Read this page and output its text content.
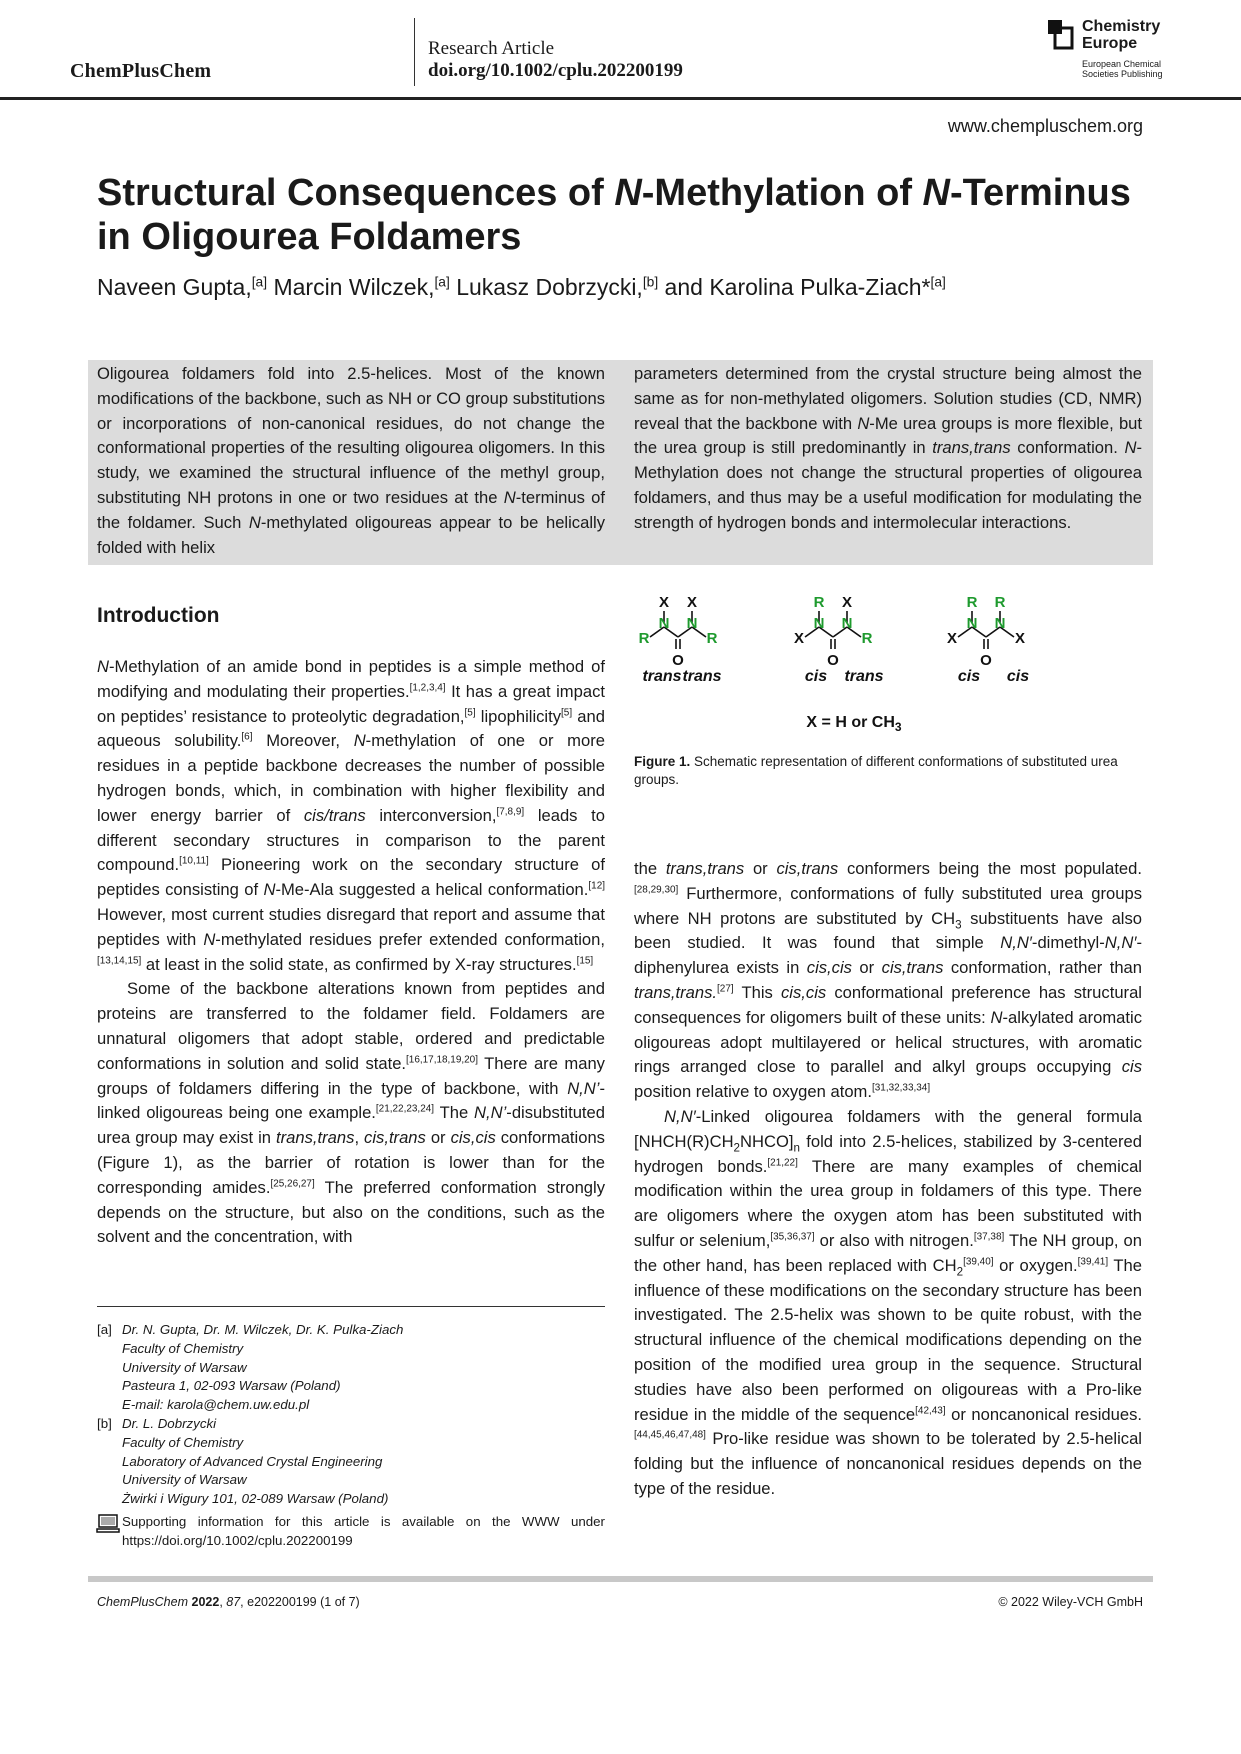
ChemPlusChem
Research Article
doi.org/10.1002/cplu.202200199
Chemistry
Europe
European Chemical
Societies Publishing
www.chempluschem.org
Structural Consequences of N-Methylation of N-Terminus in Oligourea Foldamers
Naveen Gupta,[a] Marcin Wilczek,[a] Lukasz Dobrzycki,[b] and Karolina Pulka-Ziach*[a]
Oligourea foldamers fold into 2.5-helices. Most of the known modifications of the backbone, such as NH or CO group substitutions or incorporations of non-canonical residues, do not change the conformational properties of the resulting oligourea oligomers. In this study, we examined the structural influence of the methyl group, substituting NH protons in one or two residues at the N-terminus of the foldamer. Such N-methylated oligoureas appear to be helically folded with helix
parameters determined from the crystal structure being almost the same as for non-methylated oligomers. Solution studies (CD, NMR) reveal that the backbone with N-Me urea groups is more flexible, but the urea group is still predominantly in trans,trans conformation. N-Methylation does not change the structural properties of oligourea foldamers, and thus may be a useful modification for modulating the strength of hydrogen bonds and intermolecular interactions.
Introduction

N-Methylation of an amide bond in peptides is a simple method of modifying and modulating their properties.[1,2,3,4] It has a great impact on peptides’ resistance to proteolytic degradation,[5] lipophilicity[5] and aqueous solubility.[6] Moreover, N-methylation of one or more residues in a peptide backbone decreases the number of possible hydrogen bonds, which, in combination with higher flexibility and lower energy barrier of cis/trans interconversion,[7,8,9] leads to different secondary structures in comparison to the parent compound.[10,11] Pioneering work on the secondary structure of peptides consisting of N-Me-Ala suggested a helical conformation.[12] However, most current studies disregard that report and assume that peptides with N-methylated residues prefer extended conformation,[13,14,15] at least in the solid state, as confirmed by X-ray structures.[15]

Some of the backbone alterations known from peptides and proteins are transferred to the foldamer field. Foldamers are unnatural oligomers that adopt stable, ordered and predictable conformations in solution and solid state.[16,17,18,19,20] There are many groups of foldamers differing in the type of backbone, with N,N’-linked oligoureas being one example.[21,22,23,24] The N,N’-disubstituted urea group may exist in trans,trans, cis,trans or cis,cis conformations (Figure 1), as the barrier of rotation is lower than for the corresponding amides.[25,26,27] The preferred conformation strongly depends on the structure, but also on the conditions, such as the solvent and the concentration, with

X X
N N
R	R
O
R X
N N
X	R
O
R R
N N
X	X
O
trans trans	cis trans	cis cis
X = H or $CH_3$
Figure 1. Schematic representation of different conformations of substituted urea groups.

the trans,trans or cis,trans conformers being the most populated.[28,29,30] Furthermore, conformations of fully substituted urea groups where NH protons are substituted by $CH_3$ substituents have also been studied. It was found that simple N,N′-dimethyl-N,N′-diphenylurea exists in cis,cis or cis,trans conformation, rather than trans,trans.[27] This cis,cis conformational preference has structural consequences for oligomers built of these units: N-alkylated aromatic oligoureas adopt multilayered or helical structures, with aromatic rings arranged close to parallel and alkyl groups occupying cis position relative to oxygen atom.[31,32,33,34]

N,N′-Linked oligourea foldamers with the general formula $[NHCH(R)CH_2NHCO]_n$ fold into 2.5-helices, stabilized by 3-centered hydrogen bonds.[21,22] There are many examples of chemical modification within the urea group in foldamers of this type. There are oligomers where the oxygen atom has been substituted with sulfur or selenium,[35,36,37] or also with nitrogen.[37,38] The NH group, on the other hand, has been replaced with $CH_2[39,40]$ or oxygen.[39,41] The influence of these modifications on the secondary structure has been investigated. The 2.5-helix was shown to be quite robust, with the structural influence of the chemical modifications depending on the position of the modified urea group in the sequence. Structural studies have also been performed on oligoureas with a Pro-like residue in the middle of the sequence[42,43] or noncanonical residues.[44,45,46,47,48] Pro-like residue was shown to be tolerated by 2.5-helical folding but the influence of noncanonical residues depends on the type of the residue.

[a] Dr. N. Gupta, Dr. M. Wilczek, Dr. K. Pulka-Ziach
Faculty of Chemistry
University of Warsaw
Pasteura 1, 02-093 Warsaw (Poland)
E-mail: karola@chem.uw.edu.pl
[b] Dr. L. Dobrzycki
Faculty of Chemistry
Laboratory of Advanced Crystal Engineering
University of Warsaw
Żwirki i Wigury 101, 02-089 Warsaw (Poland)
Supporting information for this article is available on the WWW under https://doi.org/10.1002/cplu.202200199
ChemPlusChem 2022, 87, e202200199 (1 of 7)	© 2022 Wiley-VCH GmbH
